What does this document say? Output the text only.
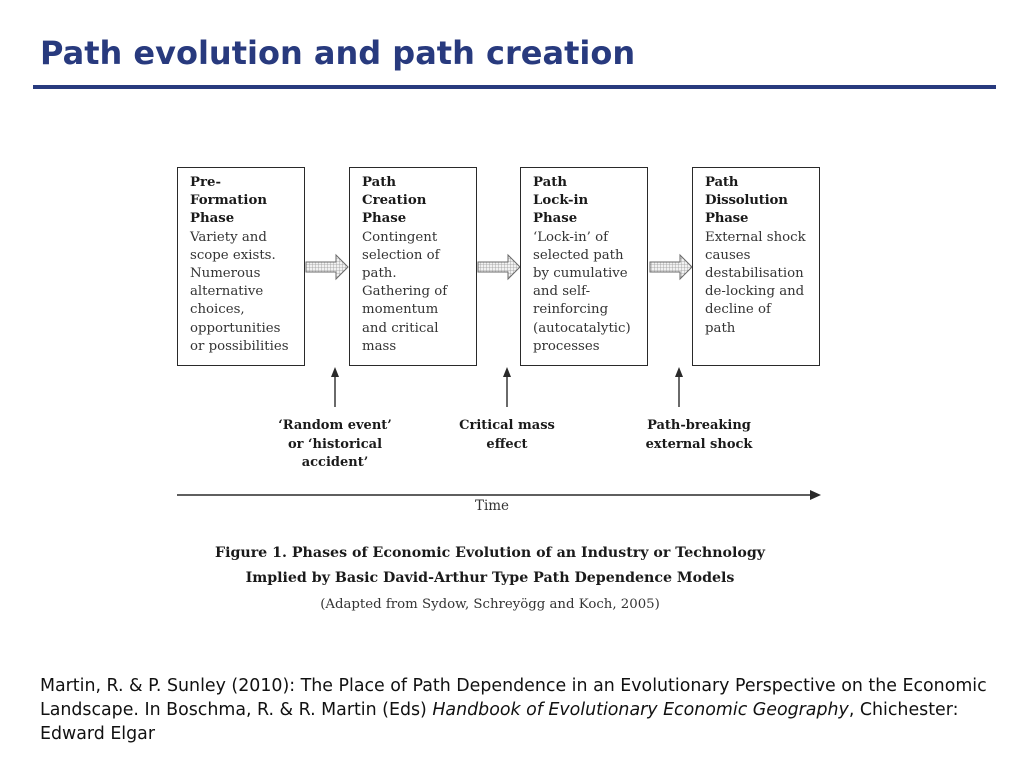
Path evolution and path creation
Pre-
Formation
Phase
Variety and
scope exists.
Numerous
alternative
choices,
opportunities
or possibilities
Path
Creation
Phase
Contingent
selection of
path.
Gathering of
momentum
and critical
mass
Path
Lock-in
Phase
‘Lock-in’ of
selected path
by cumulative
and self-
reinforcing
(autocatalytic)
processes
Path
Dissolution
Phase
External shock
causes
destabilisation
de-locking and
decline of
path
‘Random event’
or ‘historical
accident’
Critical mass
effect
Path-breaking
external shock
Time
Figure 1. Phases of Economic Evolution of an Industry or Technology
Implied by Basic David-Arthur Type Path Dependence Models
(Adapted from Sydow, Schreyögg and Koch, 2005)
Martin, R. & P. Sunley (2010): The Place of Path Dependence in an Evolutionary Perspective on the Economic Landscape. In Boschma, R. & R. Martin (Eds) Handbook of Evolutionary Economic Geography, Chichester: Edward Elgar
